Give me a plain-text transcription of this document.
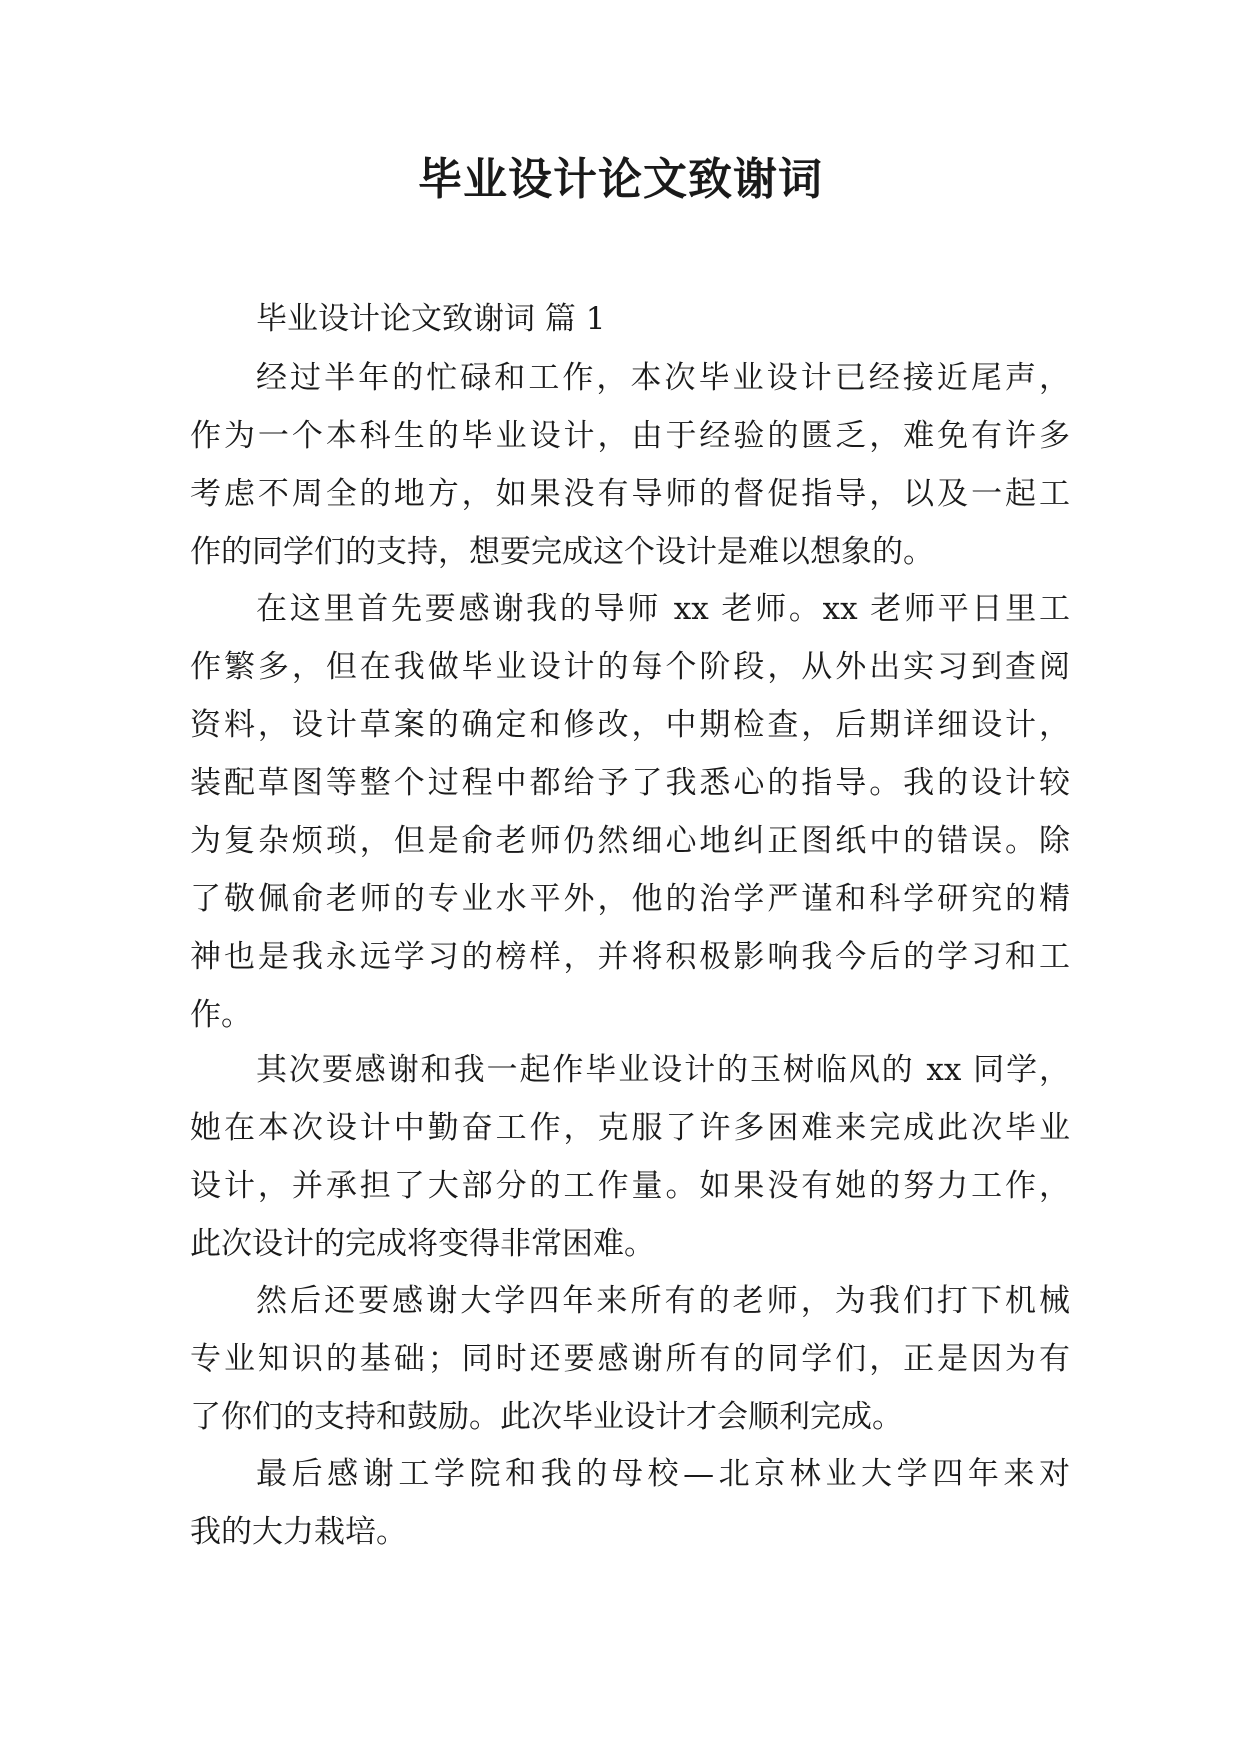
毕业设计论文致谢词
毕业设计论文致谢词 篇 1
经过半年的忙碌和工作，本次毕业设计已经接近尾声，
作为一个本科生的毕业设计，由于经验的匮乏，难免有许多
考虑不周全的地方，如果没有导师的督促指导，以及一起工
作的同学们的支持，想要完成这个设计是难以想象的。
在这里首先要感谢我的导师 xx 老师。xx 老师平日里工
作繁多，但在我做毕业设计的每个阶段，从外出实习到查阅
资料，设计草案的确定和修改，中期检查，后期详细设计，
装配草图等整个过程中都给予了我悉心的指导。我的设计较
为复杂烦琐，但是俞老师仍然细心地纠正图纸中的错误。除
了敬佩俞老师的专业水平外，他的治学严谨和科学研究的精
神也是我永远学习的榜样，并将积极影响我今后的学习和工
作。
其次要感谢和我一起作毕业设计的玉树临风的 xx 同学，
她在本次设计中勤奋工作，克服了许多困难来完成此次毕业
设计，并承担了大部分的工作量。如果没有她的努力工作，
此次设计的完成将变得非常困难。
然后还要感谢大学四年来所有的老师，为我们打下机械
专业知识的基础；同时还要感谢所有的同学们，正是因为有
了你们的支持和鼓励。此次毕业设计才会顺利完成。
最后感谢工学院和我的母校—北京林业大学四年来对
我的大力栽培。
